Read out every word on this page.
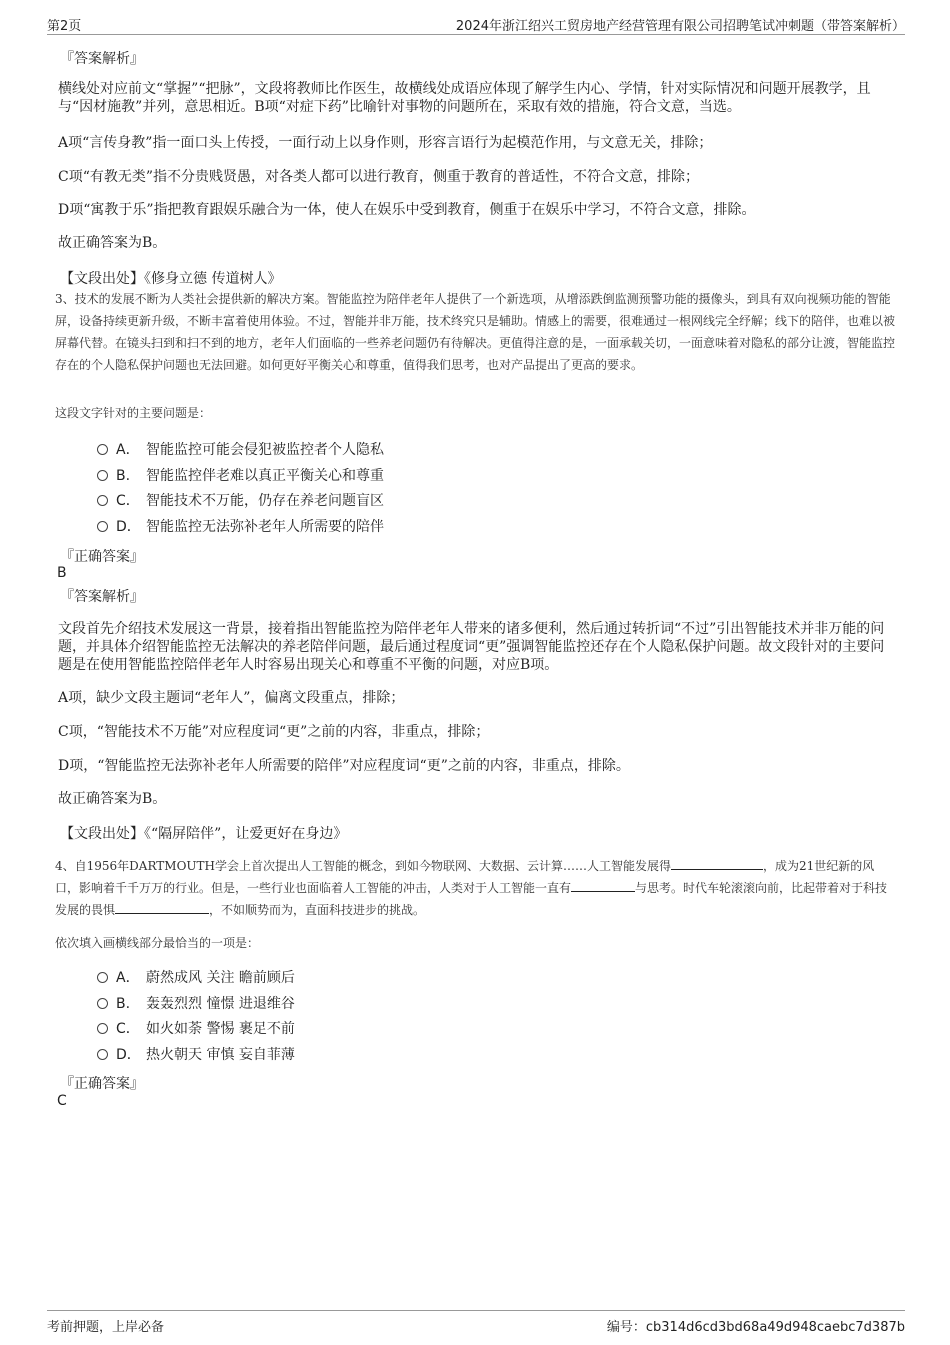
第2页	2024年浙江绍兴工贸房地产经营管理有限公司招聘笔试冲刺题（带答案解析）
『答案解析』
横线处对应前文“掌握”“把脉”，文段将教师比作医生，故横线处成语应体现了解学生内心、学情，针对实际情况和问题开展教学，且与“因材施教”并列，意思相近。B项“对症下药”比喻针对事物的问题所在，采取有效的措施，符合文意，当选。
A项“言传身教”指一面口头上传授，一面行动上以身作则，形容言语行为起模范作用，与文意无关，排除；
C项“有教无类”指不分贵贱贤愚，对各类人都可以进行教育，侧重于教育的普适性，不符合文意，排除；
D项“寓教于乐”指把教育跟娱乐融合为一体，使人在娱乐中受到教育，侧重于在娱乐中学习，不符合文意，排除。
故正确答案为B。
【文段出处】《修身立德 传道树人》
3、技术的发展不断为人类社会提供新的解决方案。智能监控为陪伴老年人提供了一个新选项，从增添跌倒监测预警功能的摄像头，到具有双向视频功能的智能屏，设备持续更新升级，不断丰富着使用体验。不过，智能并非万能，技术终究只是辅助。情感上的需要，很难通过一根网线完全纾解；线下的陪伴，也难以被屏幕代替。在镜头扫到和扫不到的地方，老年人们面临的一些养老问题仍有待解决。更值得注意的是，一面承载关切，一面意味着对隐私的部分让渡，智能监控存在的个人隐私保护问题也无法回避。如何更好平衡关心和尊重，值得我们思考，也对产品提出了更高的要求。
这段文字针对的主要问题是：
A． 智能监控可能会侵犯被监控者个人隐私
B. 智能监控伴老难以真正平衡关心和尊重
C． 智能技术不万能，仍存在养老问题盲区
D． 智能监控无法弥补老年人所需要的陪伴
『正确答案』
B
『答案解析』
文段首先介绍技术发展这一背景，接着指出智能监控为陪伴老年人带来的诸多便利，然后通过转折词“不过”引出智能技术并非万能的问题，并具体介绍智能监控无法解决的养老陪伴问题，最后通过程度词“更”强调智能监控还存在个人隐私保护问题。故文段针对的主要问题是在使用智能监控陪伴老年人时容易出现关心和尊重不平衡的问题，对应B项。
A项，缺少文段主题词“老年人”，偏离文段重点，排除；
C项，“智能技术不万能”对应程度词“更”之前的内容，非重点，排除；
D项，“智能监控无法弥补老年人所需要的陪伴”对应程度词“更”之前的内容，非重点，排除。
故正确答案为B。
【文段出处】《“隔屏陪伴”，让爱更好在身边》
4、自1956年DARTMOUTH学会上首次提出人工智能的概念，到如今物联网、大数据、云计算……人工智能发展得	，成为21世纪新的风口，影响着千千万万的行业。但是，一些行业也面临着人工智能的冲击，人类对于人工智能一直有	与思考。时代车轮滚滚向前，比起带着对于科技发展的畏惧	，不如顺势而为，直面科技进步的挑战。
依次填入画横线部分最恰当的一项是：
A． 蔚然成风 关注 瞻前顾后
B. 轰轰烈烈 憧憬 进退维谷
C． 如火如荼 警惕 裹足不前
D． 热火朝天 审慎 妄自菲薄
『正确答案』
C
考前押题，上岸必备	编号：cb314d6cd3bd68a49d948caebc7d387b
